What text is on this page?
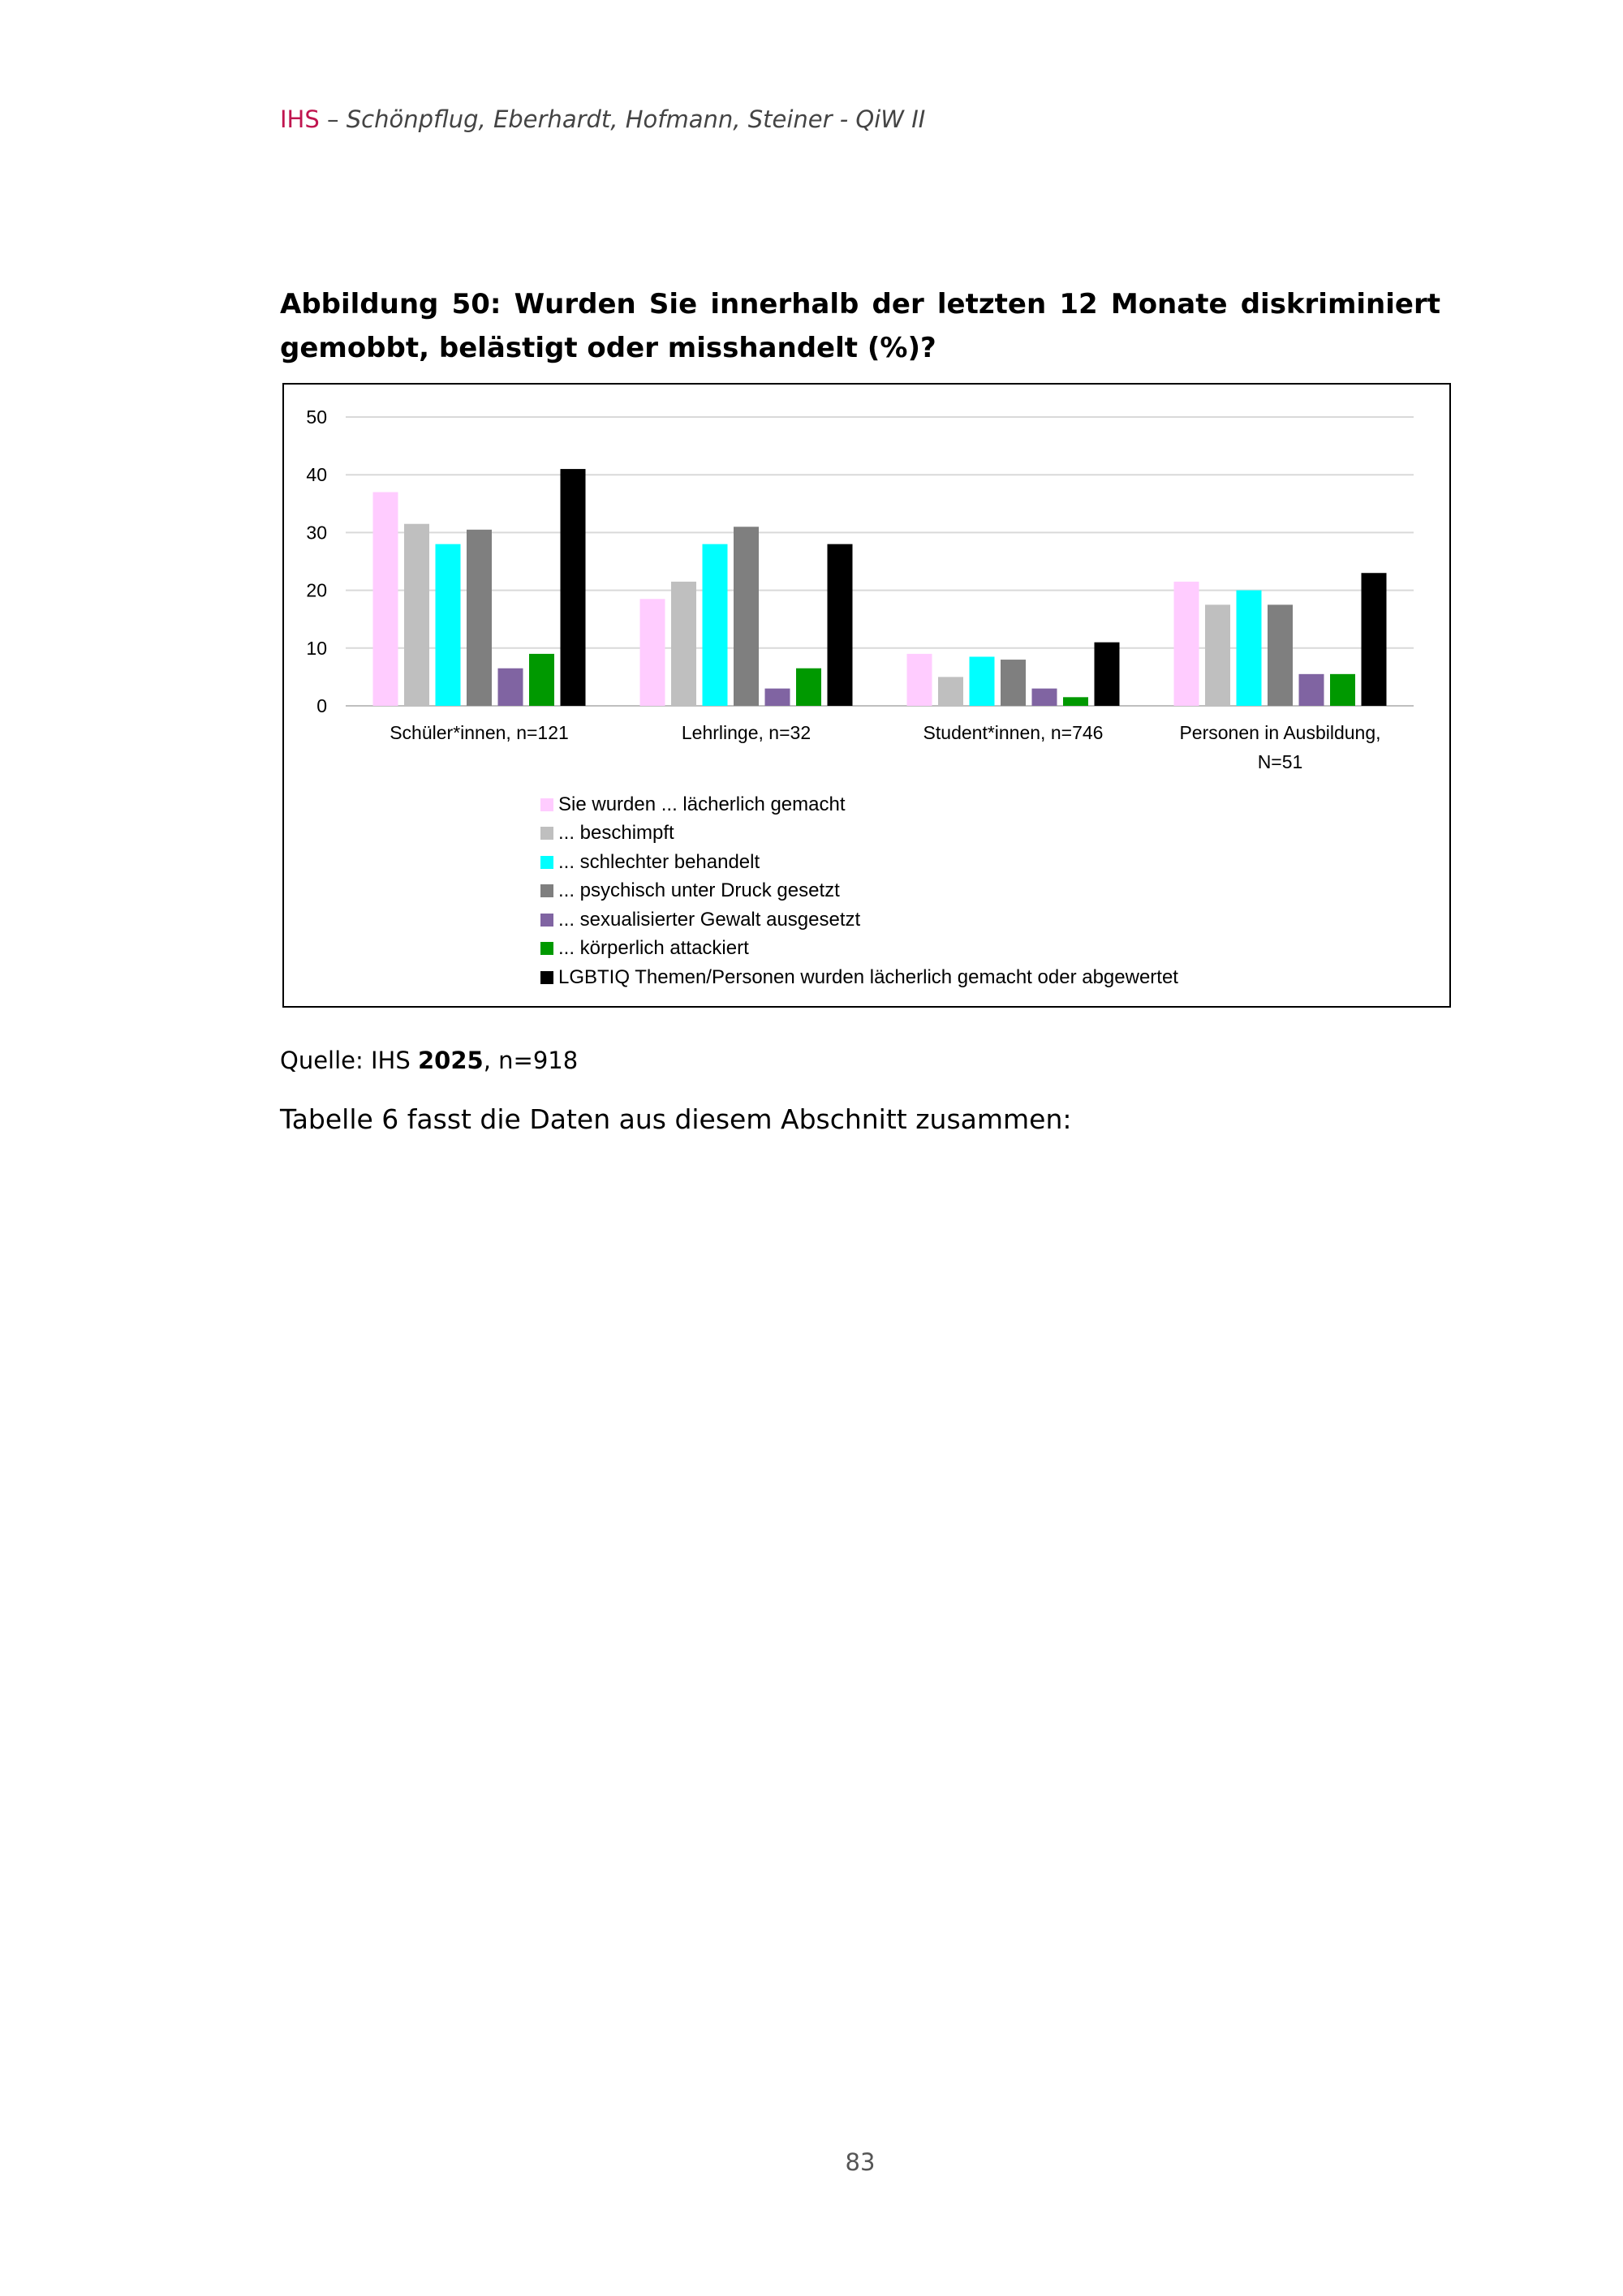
IHS – Schönpflug, Eberhardt, Hofmann, Steiner - QiW II
Abbildung 50: Wurden Sie innerhalb der letzten 12 Monate diskriminiert gemobbt, belästigt oder misshandelt (%)?
0
10
20
30
40
50
Schüler*innen, n=121	Lehrlinge, n=32	Student*innen, n=746	Personen in Ausbildung,
N=51
Sie wurden ... lächerlich gemacht
... beschimpft
... schlechter behandelt
... psychisch unter Druck gesetzt
... sexualisierter Gewalt ausgesetzt
... körperlich attackiert
LGBTIQ Themen/Personen wurden lächerlich gemacht oder abgewertet
Quelle: IHS 2025, n=918
Tabelle 6 fasst die Daten aus diesem Abschnitt zusammen:
83
